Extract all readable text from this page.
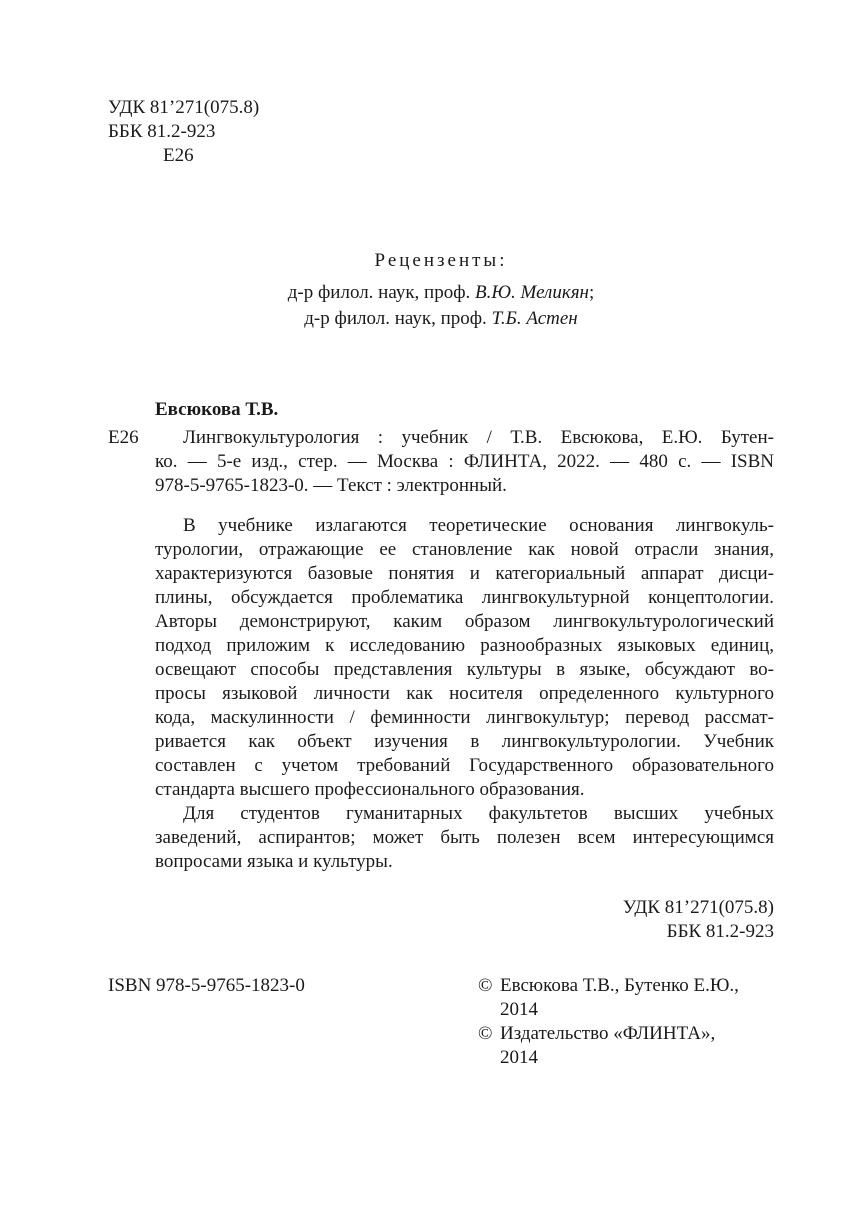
УДК 81’271(075.8)
ББК 81.2-923
Е26
Рецензенты:
д-р филол. наук, проф. В.Ю. Меликян;
д-р филол. наук, проф. Т.Б. Астен
Евсюкова Т.В.
Е26	Лингвокультурология : учебник / Т.В. Евсюкова, Е.Ю. Бутен-
ко. — 5-е изд., стер. — Москва : ФЛИНТА, 2022. — 480 с. — ISBN
978-5-9765-1823-0. — Текст : электронный.
В учебнике излагаются теоретические основания лингвокуль-
турологии, отражающие ее становление как новой отрасли знания,
характеризуются базовые понятия и категориальный аппарат дисци-
плины, обсуждается проблематика лингвокультурной концептологии.
Авторы демонстрируют, каким образом лингвокультурологический
подход приложим к исследованию разнообразных языковых единиц,
освещают способы представления культуры в языке, обсуждают во-
просы языковой личности как носителя определенного культурного
кода, маскулинности / феминности лингвокультур; перевод рассмат-
ривается как объект изучения в лингвокультурологии. Учебник
составлен с учетом требований Государственного образовательного
стандарта высшего профессионального образования.
Для студентов гуманитарных факультетов высших учебных
заведений, аспирантов; может быть полезен всем интересующимся
вопросами языка и культуры.
УДК 81’271(075.8)
ББК 81.2-923
ISBN 978-5-9765-1823-0	© Евсюкова Т.В., Бутенко Е.Ю.,
2014
© Издательство «ФЛИНТА»,
2014
